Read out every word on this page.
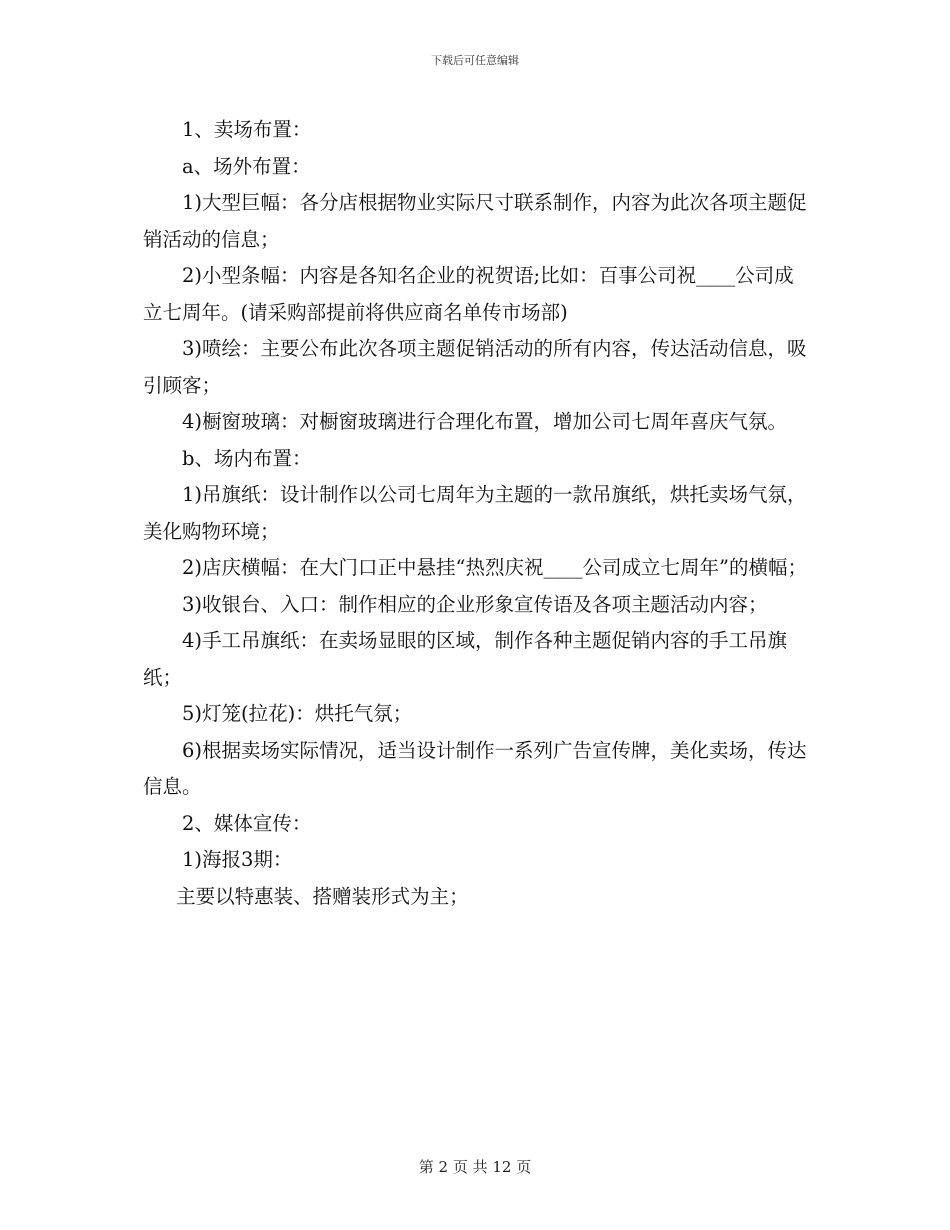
下载后可任意编辑

1、卖场布置：

a、场外布置：

1)大型巨幅：各分店根据物业实际尺寸联系制作，内容为此次各项主题促销活动的信息；

2)小型条幅：内容是各知名企业的祝贺语;比如：百事公司祝____公司成立七周年。(请采购部提前将供应商名单传市场部)

3)喷绘：主要公布此次各项主题促销活动的所有内容，传达活动信息，吸引顾客；

4)橱窗玻璃：对橱窗玻璃进行合理化布置，增加公司七周年喜庆气氛。

b、场内布置：

1)吊旗纸：设计制作以公司七周年为主题的一款吊旗纸，烘托卖场气氛，美化购物环境；

2)店庆横幅：在大门口正中悬挂“热烈庆祝____公司成立七周年”的横幅；

3)收银台、入口：制作相应的企业形象宣传语及各项主题活动内容；

4)手工吊旗纸：在卖场显眼的区域，制作各种主题促销内容的手工吊旗纸；

5)灯笼(拉花)：烘托气氛；

6)根据卖场实际情况，适当设计制作一系列广告宣传牌，美化卖场，传达信息。

2、媒体宣传：

1)海报3期：

主要以特惠装、搭赠装形式为主；

第 2 页 共 12 页
